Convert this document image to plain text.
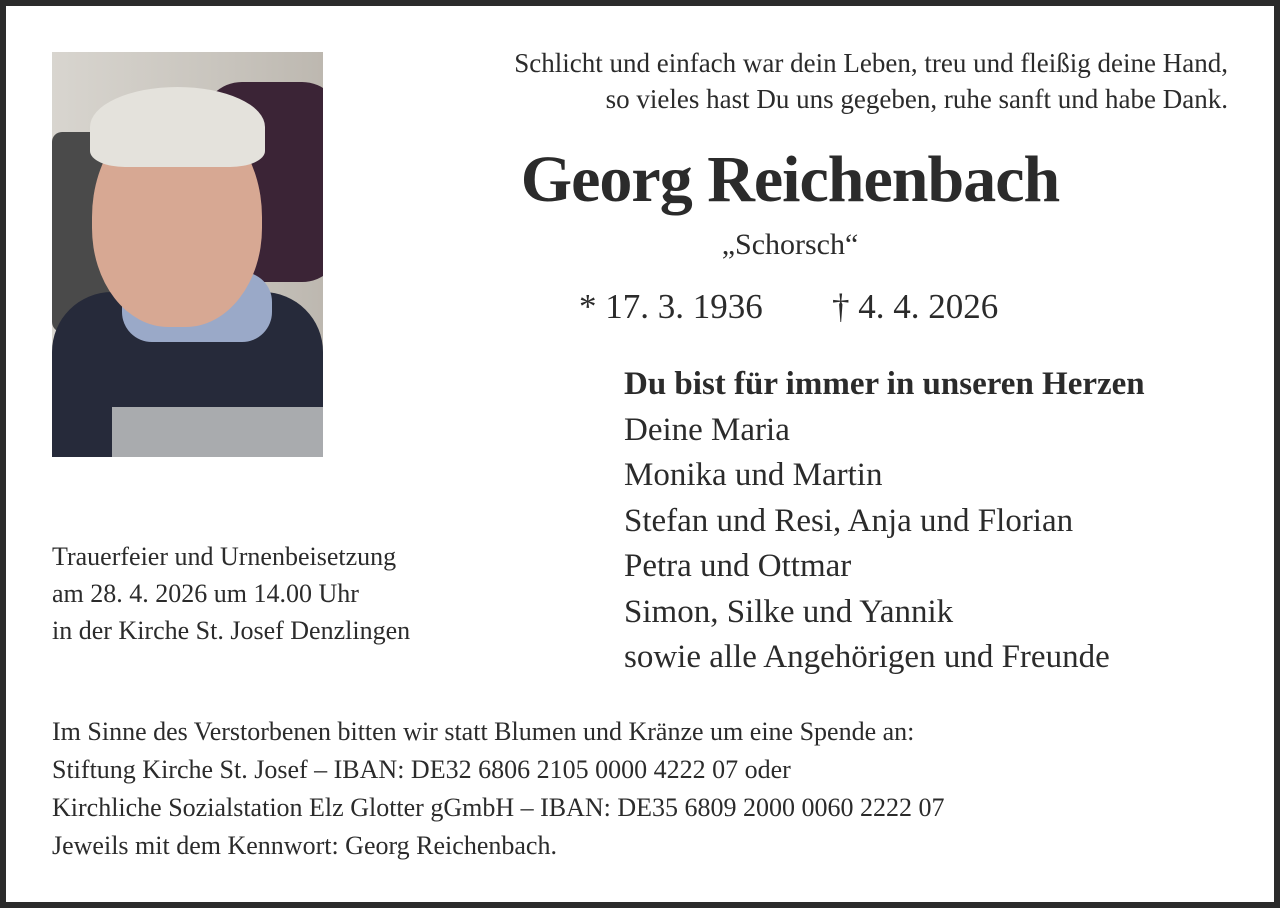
Schlicht und einfach war dein Leben, treu und fleißig deine Hand,
so vieles hast Du uns gegeben, ruhe sanft und habe Dank.
Georg Reichenbach
„Schorsch“
* 17. 3. 1936 † 4. 4. 2026
Du bist für immer in unseren Herzen
Deine Maria
Monika und Martin
Stefan und Resi, Anja und Florian
Petra und Ottmar
Simon, Silke und Yannik
sowie alle Angehörigen und Freunde
Trauerfeier und Urnenbeisetzung
am 28. 4. 2026 um 14.00 Uhr
in der Kirche St. Josef Denzlingen
Im Sinne des Verstorbenen bitten wir statt Blumen und Kränze um eine Spende an:
Stiftung Kirche St. Josef – IBAN: DE32 6806 2105 0000 4222 07 oder
Kirchliche Sozialstation Elz Glotter gGmbH – IBAN: DE35 6809 2000 0060 2222 07
Jeweils mit dem Kennwort: Georg Reichenbach.
